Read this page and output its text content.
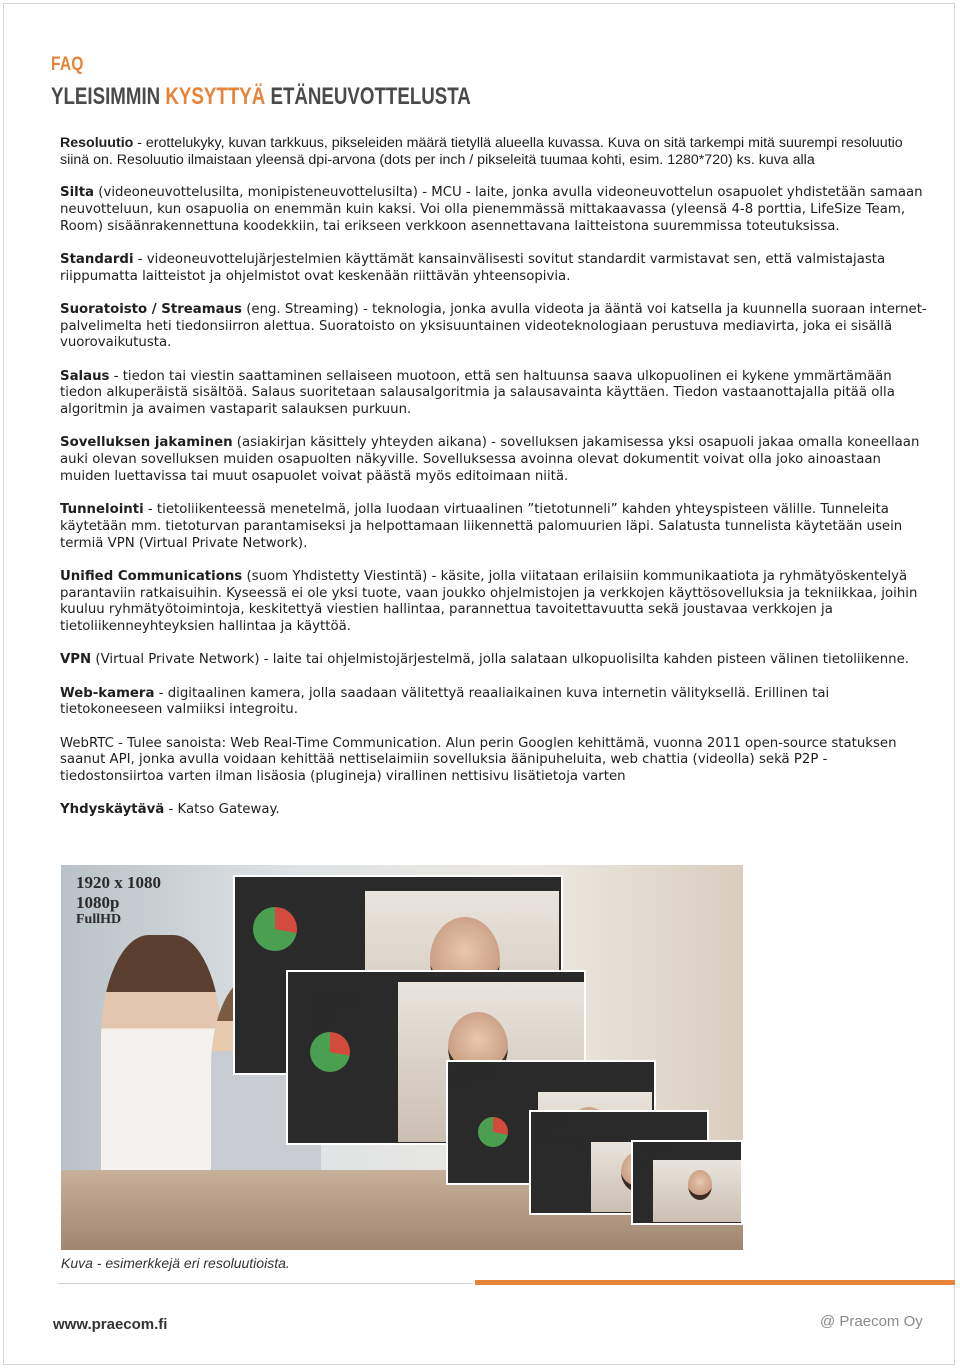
FAQ
YLEISIMMIN KYSYTTYÄ ETÄNEUVOTTELUSTA

Resoluutio - erottelukyky, kuvan tarkkuus, pikseleiden määrä tietyllä alueella kuvassa. Kuva on sitä tarkempi mitä suurempi resoluutio siinä on. Resoluutio ilmaistaan yleensä dpi-arvona (dots per inch / pikseleitä tuumaa kohti, esim. 1280*720) ks. kuva alla

Silta (videoneuvottelusilta, monipisteneuvottelusilta) - MCU - laite, jonka avulla videoneuvottelun osapuolet yhdistetään samaan neuvotteluun, kun osapuolia on enemmän kuin kaksi. Voi olla pienemmässä mittakaavassa (yleensä 4-8 porttia, LifeSize Team, Room) sisäänrakennettuna koodekkiin, tai erikseen verkkoon asennettavana laitteistona suuremmissa toteutuksissa.

Standardi - videoneuvottelujärjestelmien käyttämät kansainvälisesti sovitut standardit varmistavat sen, että valmistajasta riippumatta laitteistot ja ohjelmistot ovat keskenään riittävän yhteensopivia.

Suoratoisto / Streamaus (eng. Streaming) - teknologia, jonka avulla videota ja ääntä voi katsella ja kuunnella suoraan internet-palvelimelta heti tiedonsiirron alettua. Suoratoisto on yksisuuntainen videoteknologiaan perustuva mediavirta, joka ei sisällä vuorovaikutusta.

Salaus - tiedon tai viestin saattaminen sellaiseen muotoon, että sen haltuunsa saava ulkopuolinen ei kykene ymmärtämään tiedon alkuperäistä sisältöä. Salaus suoritetaan salausalgoritmia ja salausavainta käyttäen. Tiedon vastaanottajalla pitää olla algoritmin ja avaimen vastaparit salauksen purkuun.

Sovelluksen jakaminen (asiakirjan käsittely yhteyden aikana) - sovelluksen jakamisessa yksi osapuoli jakaa omalla koneellaan auki olevan sovelluksen muiden osapuolten näkyville. Sovelluksessa avoinna olevat dokumentit voivat olla joko ainoastaan muiden luettavissa tai muut osapuolet voivat päästä myös editoimaan niitä.

Tunnelointi - tietoliikenteessä menetelmä, jolla luodaan virtuaalinen ”tietotunneli” kahden yhteyspisteen välille. Tunneleita käytetään mm. tietoturvan parantamiseksi ja helpottamaan liikennettä palomuurien läpi. Salatusta tunnelista käytetään usein termiä VPN (Virtual Private Network).

Unified Communications (suom Yhdistetty Viestintä) - käsite, jolla viitataan erilaisiin kommunikaatiota ja ryhmätyöskentelyä parantaviin ratkaisuihin. Kyseessä ei ole yksi tuote, vaan joukko ohjelmistojen ja verkkojen käyttösovelluksia ja tekniikkaa, joihin kuuluu ryhmätyötoimintoja, keskitettyä viestien hallintaa, parannettua tavoitettavuutta sekä joustavaa verkkojen ja tietoliikenneyhteyksien hallintaa ja käyttöä.

VPN (Virtual Private Network) - laite tai ohjelmistojärjestelmä, jolla salataan ulkopuolisilta kahden pisteen välinen tietoliikenne.

Web-kamera - digitaalinen kamera, jolla saadaan välitettyä reaaliaikainen kuva internetin välityksellä. Erillinen tai tietokoneeseen valmiiksi integroitu.

WebRTC - Tulee sanoista: Web Real-Time Communication. Alun perin Googlen kehittämä, vuonna 2011 open-source statuksen saanut API, jonka avulla voidaan kehittää nettiselaimiin sovelluksia äänipuheluita, web chattia (videolla) sekä P2P -tiedostonsiirtoa varten ilman lisäosia (plugineja) virallinen nettisivu lisätietoja varten

Yhdyskäytävä - Katso Gateway.

1920 x 1080
1080p
FullHD
1280 x 720
720p
HD
848 x 480
480p
624 x 352
352p
”DVD quality”
352 x 288
CIF
Kuva - esimerkkejä eri resoluutioista.
www.praecom.fi	@ Praecom Oy
